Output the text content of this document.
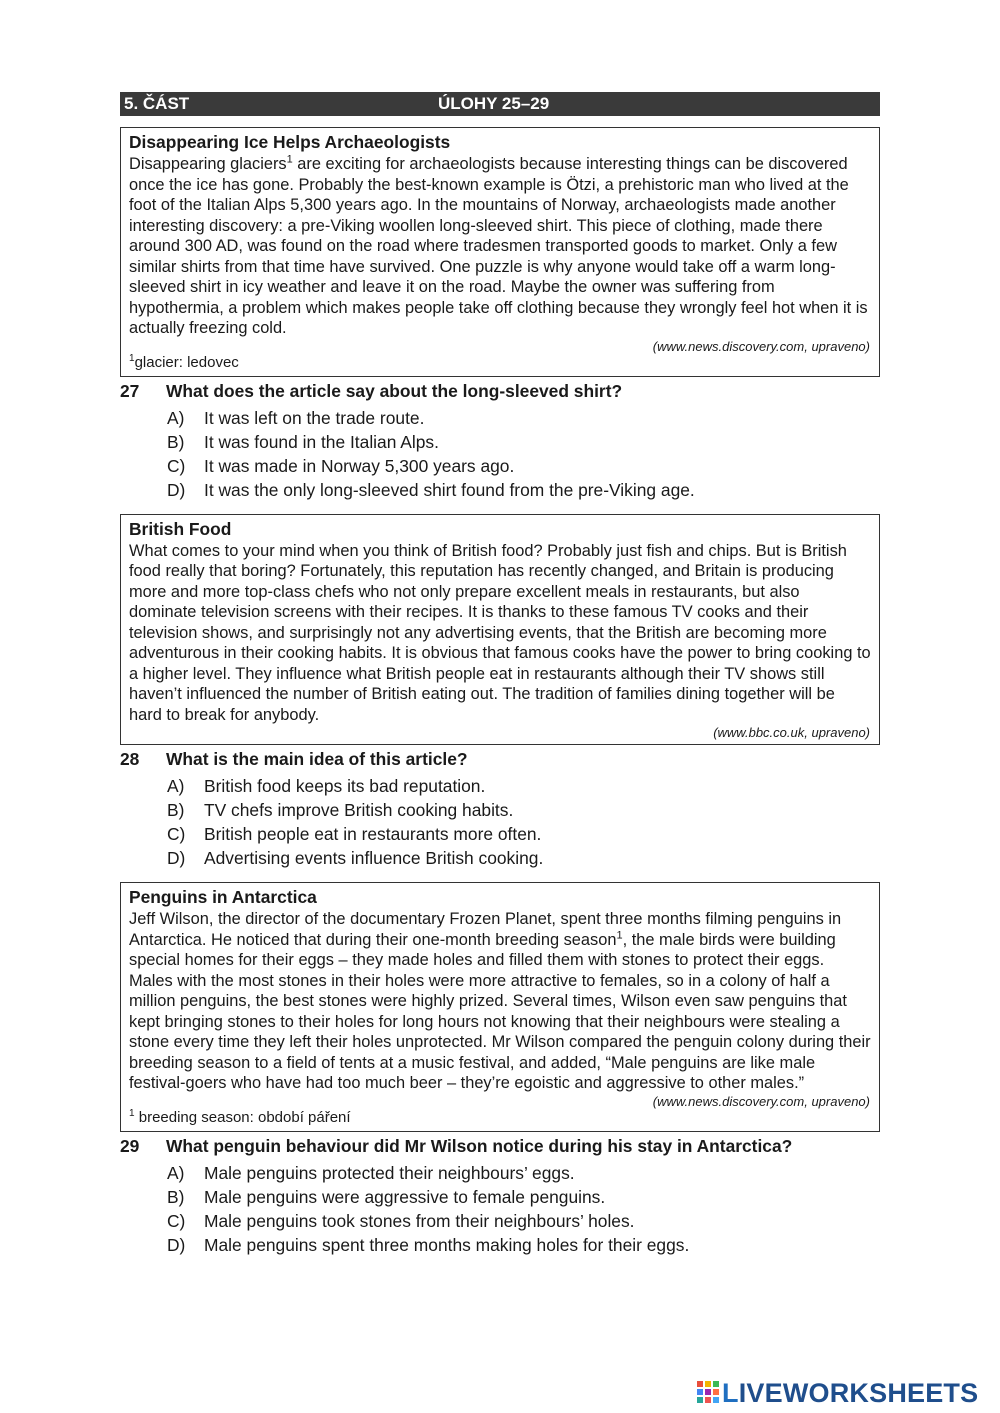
5. ČÁST	ÚLOHY 25–29
Disappearing Ice Helps Archaeologists

Disappearing glaciers$^1$ are exciting for archaeologists because interesting things can be discovered once the ice has gone. Probably the best-known example is Ötzi, a prehistoric man who lived at the foot of the Italian Alps 5,300 years ago. In the mountains of Norway, archaeologists made another interesting discovery: a pre-Viking woollen long-sleeved shirt. This piece of clothing, made there around 300 AD, was found on the road where tradesmen transported goods to market. Only a few similar shirts from that time have survived. One puzzle is why anyone would take off a warm long-sleeved shirt in icy weather and leave it on the road. Maybe the owner was suffering from hypothermia, a problem which makes people take off clothing because they wrongly feel hot when it is actually freezing cold.

(www.news.discovery.com, upraveno)
$^1$glacier: ledovec
27	What does the article say about the long-sleeved shirt?
A)	It was left on the trade route.
B)	It was found in the Italian Alps.
C)	It was made in Norway 5,300 years ago.
D)	It was the only long-sleeved shirt found from the pre-Viking age.
British Food

What comes to your mind when you think of British food? Probably just fish and chips. But is British food really that boring? Fortunately, this reputation has recently changed, and Britain is producing more and more top-class chefs who not only prepare excellent meals in restaurants, but also dominate television screens with their recipes. It is thanks to these famous TV cooks and their television shows, and surprisingly not any advertising events, that the British are becoming more adventurous in their cooking habits. It is obvious that famous cooks have the power to bring cooking to a higher level. They influence what British people eat in restaurants although their TV shows still haven’t influenced the number of British eating out. The tradition of families dining together will be hard to break for anybody.

(www.bbc.co.uk, upraveno)
28	What is the main idea of this article?
A)	British food keeps its bad reputation.
B)	TV chefs improve British cooking habits.
C)	British people eat in restaurants more often.
D)	Advertising events influence British cooking.
Penguins in Antarctica

Jeff Wilson, the director of the documentary Frozen Planet, spent three months filming penguins in Antarctica. He noticed that during their one-month breeding season$^1$, the male birds were building special homes for their eggs – they made holes and filled them with stones to protect their eggs. Males with the most stones in their holes were more attractive to females, so in a colony of half a million penguins, the best stones were highly prized. Several times, Wilson even saw penguins that kept bringing stones to their holes for long hours not knowing that their neighbours were stealing a stone every time they left their holes unprotected. Mr Wilson compared the penguin colony during their breeding season to a field of tents at a music festival, and added, “Male penguins are like male festival-goers who have had too much beer – they’re egoistic and aggressive to other males.”

(www.news.discovery.com, upraveno)
$^1$ breeding season: období páření
29	What penguin behaviour did Mr Wilson notice during his stay in Antarctica?
A)	Male penguins protected their neighbours’ eggs.
B)	Male penguins were aggressive to female penguins.
C)	Male penguins took stones from their neighbours’ holes.
D)	Male penguins spent three months making holes for their eggs.
LIVEWORKSHEETS
